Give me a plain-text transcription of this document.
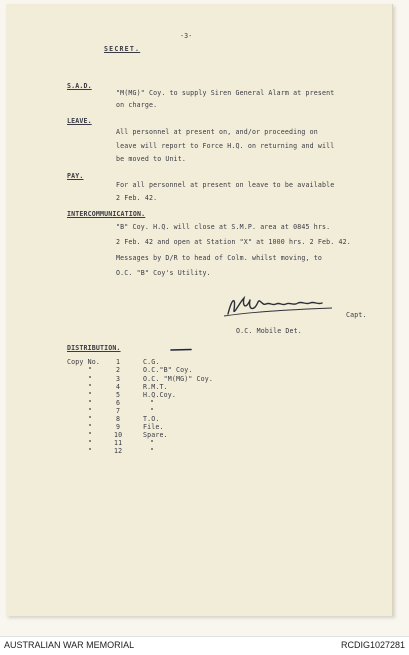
-3-
SECRET.
S.A.D.
"M(MG)" Coy. to supply Siren General Alarm at present
on charge.
LEAVE.
All personnel at present on, and/or proceeding on
leave will report to Force H.Q. on returning and will
be moved to Unit.
PAY.
For all personnel at present on leave to be available
2 Feb. 42.
INTERCOMMUNICATION.
"B" Coy. H.Q. will close at S.M.P. area at 0845 hrs.
2 Feb. 42 and open at Station "X" at 1000 hrs. 2 Feb. 42.
Messages by D/R to head of Colm. whilst moving, to
O.C. "B" Coy's Utility.
Capt.
O.C. Mobile Det.
DISTRIBUTION.
Copy No. 1	C.G.
"	2	O.C."B" Coy.
"	3	O.C. "M(MG)" Coy.
"	4	R.M.T.
"	5	H.Q.Coy.
"	6	"
"	7	"
"	8	T.O.
"	9	File.
"	10	Spare.
"	11	"
"	12	"
AUSTRALIAN WAR MEMORIAL	RCDIG1027281
